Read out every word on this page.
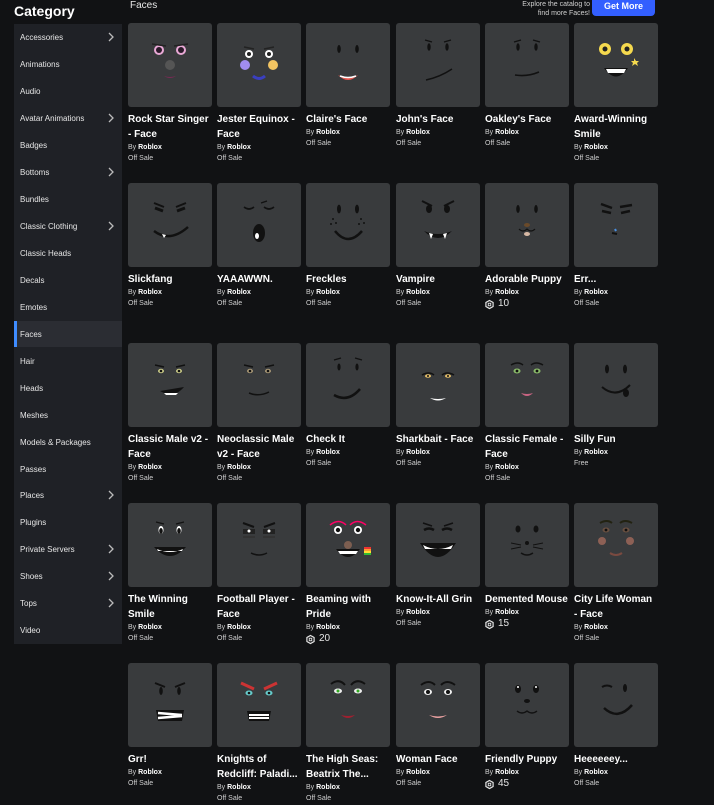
Category
Accessories
Animations
Audio
Avatar Animations
Badges
Bottoms
Bundles
Classic Clothing
Classic Heads
Decals
Emotes
Faces
Hair
Heads
Meshes
Models & Packages
Passes
Places
Plugins
Private Servers
Shoes
Tops
Video
Faces	Explore the catalog to
find more Faces!
Get More
Rock Star Singer - Face
By Roblox
Off Sale
Jester Equinox - Face
By Roblox
Off Sale
Claire's Face
By Roblox
Off Sale
John's Face
By Roblox
Off Sale
Oakley's Face
By Roblox
Off Sale
Award-Winning Smile
By Roblox
Off Sale
Slickfang
By Roblox
Off Sale
YAAAWWN.
By Roblox
Off Sale
Freckles
By Roblox
Off Sale
Vampire
By Roblox
Off Sale
Adorable Puppy
By Roblox
10
Err...
By Roblox
Off Sale
Classic Male v2 - Face
By Roblox
Off Sale
Neoclassic Male v2 - Face
By Roblox
Off Sale
Check It
By Roblox
Off Sale
Sharkbait - Face
By Roblox
Off Sale
Classic Female - Face
By Roblox
Off Sale
Silly Fun
By Roblox
Free
The Winning Smile
By Roblox
Off Sale
Football Player - Face
By Roblox
Off Sale
Beaming with Pride
By Roblox
20
Know-It-All Grin
By Roblox
Off Sale
Demented Mouse
By Roblox
15
City Life Woman - Face
By Roblox
Off Sale
Grr!
By Roblox
Off Sale
Knights of Redcliff: Paladi...
By Roblox
Off Sale
The High Seas: Beatrix The...
By Roblox
Off Sale
Woman Face
By Roblox
Off Sale
Friendly Puppy
By Roblox
45
Heeeeeey...
By Roblox
Off Sale
